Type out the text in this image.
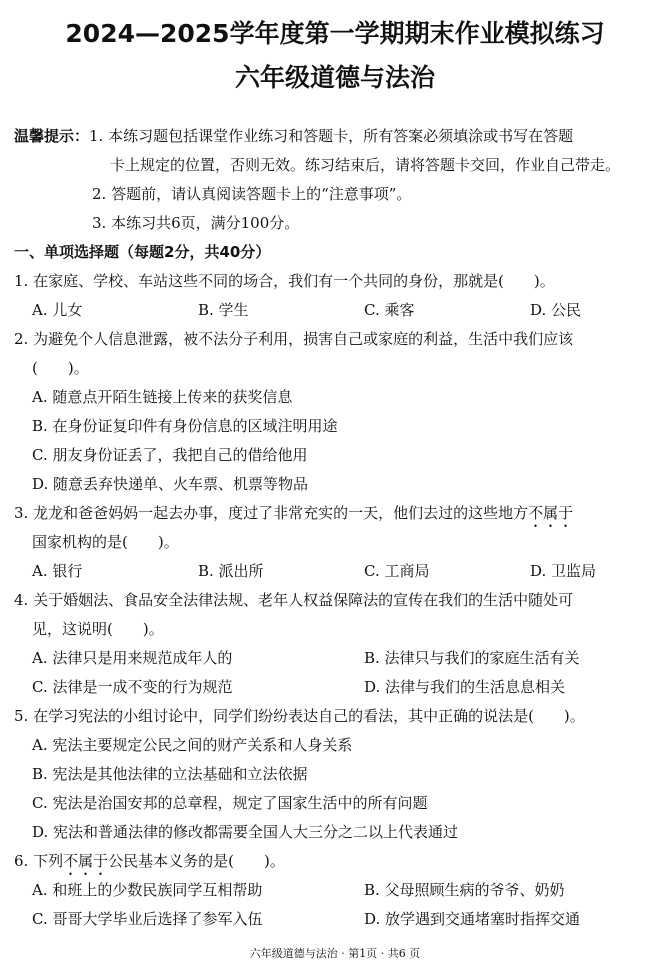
2024—2025学年度第一学期期末作业模拟练习
六年级道德与法治
温馨提示：1. 本练习题包括课堂作业练习和答题卡，所有答案必须填涂或书写在答题
卡上规定的位置，否则无效。练习结束后，请将答题卡交回，作业自己带走。
2. 答题前，请认真阅读答题卡上的“注意事项”。
3. 本练习共6页，满分100分。
一、单项选择题（每题2分，共40分）
1. 在家庭、学校、车站这些不同的场合，我们有一个共同的身份，那就是(　　)。
A. 儿女	B. 学生	C. 乘客	D. 公民
2. 为避免个人信息泄露，被不法分子利用，损害自己或家庭的利益，生活中我们应该
(　　)。
A. 随意点开陌生链接上传来的获奖信息
B. 在身份证复印件有身份信息的区域注明用途
C. 朋友身份证丢了，我把自己的借给他用
D. 随意丢弃快递单、火车票、机票等物品
3. 龙龙和爸爸妈妈一起去办事，度过了非常充实的一天，他们去过的这些地方不属于
国家机构的是(　　)。
A. 银行	B. 派出所	C. 工商局	D. 卫监局
4. 关于婚姻法、食品安全法律法规、老年人权益保障法的宣传在我们的生活中随处可
见，这说明(　　)。
A. 法律只是用来规范成年人的	B. 法律只与我们的家庭生活有关
C. 法律是一成不变的行为规范	D. 法律与我们的生活息息相关
5. 在学习宪法的小组讨论中，同学们纷纷表达自己的看法，其中正确的说法是(　　)。
A. 宪法主要规定公民之间的财产关系和人身关系
B. 宪法是其他法律的立法基础和立法依据
C. 宪法是治国安邦的总章程，规定了国家生活中的所有问题
D. 宪法和普通法律的修改都需要全国人大三分之二以上代表通过
6. 下列不属于公民基本义务的是(　　)。
A. 和班上的少数民族同学互相帮助	B. 父母照顾生病的爷爷、奶奶
C. 哥哥大学毕业后选择了参军入伍	D. 放学遇到交通堵塞时指挥交通
六年级道德与法治 · 第1页 · 共6 页
